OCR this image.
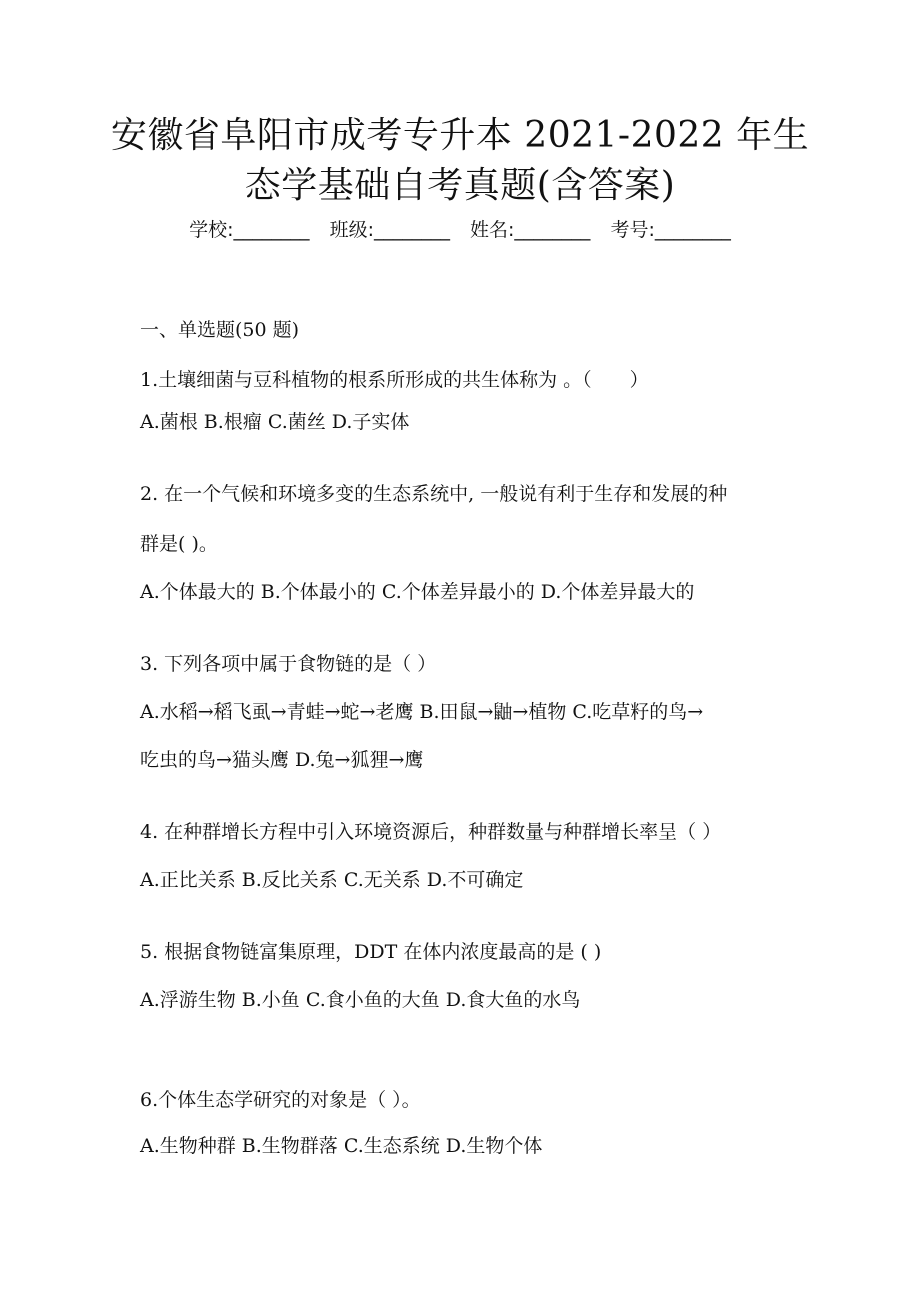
安徽省阜阳市成考专升本 2021-2022 年生
态学基础自考真题(含答案)
学校:________ 班级:________ 姓名:________ 考号:________
一、单选题(50 题)
1.土壤细菌与豆科植物的根系所形成的共生体称为 。（　　）
A.菌根 B.根瘤 C.菌丝 D.子实体
2. 在一个气候和环境多变的生态系统中, 一般说有利于生存和发展的种
群是( )。
A.个体最大的 B.个体最小的 C.个体差异最小的 D.个体差异最大的
3. 下列各项中属于食物链的是（ ）
A.水稻→稻飞虱→青蛙→蛇→老鹰 B.田鼠→鼬→植物 C.吃草籽的鸟→
吃虫的鸟→猫头鹰 D.兔→狐狸→鹰
4. 在种群增长方程中引入环境资源后，种群数量与种群增长率呈（ ）
A.正比关系 B.反比关系 C.无关系 D.不可确定
5. 根据食物链富集原理，DDT 在体内浓度最高的是 ( )
A.浮游生物 B.小鱼 C.食小鱼的大鱼 D.食大鱼的水鸟
6.个体生态学研究的对象是（ ）。
A.生物种群 B.生物群落 C.生态系统 D.生物个体
